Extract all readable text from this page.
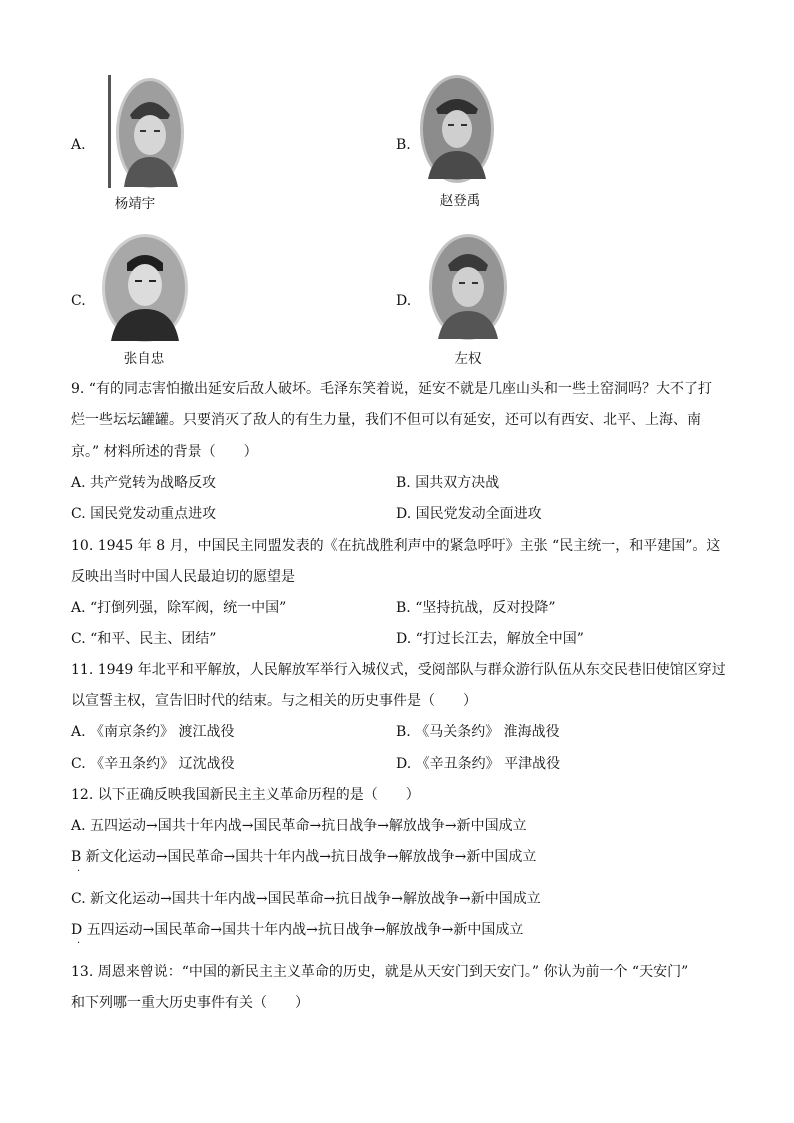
A.
杨靖宇
B.
赵登禹
C.
张自忠
D.
左权
9. “有的同志害怕撤出延安后敌人破坏。毛泽东笑着说，延安不就是几座山头和一些土窑洞吗？大不了打
烂一些坛坛罐罐。只要消灭了敌人的有生力量，我们不但可以有延安，还可以有西安、北平、上海、南
京。” 材料所述的背景（　　）
A. 共产党转为战略反攻	B. 国共双方决战
C. 国民党发动重点进攻	D. 国民党发动全面进攻
10. 1945 年 8 月，中国民主同盟发表的《在抗战胜利声中的紧急呼吁》主张 “民主统一，和平建国”。这
反映出当时中国人民最迫切的愿望是
A. “打倒列强，除军阀，统一中国”	B. “坚持抗战，反对投降”
C. “和平、民主、团结”	D. “打过长江去，解放全中国”
11. 1949 年北平和平解放，人民解放军举行入城仪式，受阅部队与群众游行队伍从东交民巷旧使馆区穿过
以宣誓主权，宣告旧时代的结束。与之相关的历史事件是（　　）
A. 《南京条约》 渡江战役	B. 《马关条约》 淮海战役
C. 《辛丑条约》 辽沈战役	D. 《辛丑条约》 平津战役
12. 以下正确反映我国新民主主义革命历程的是（　　）
A. 五四运动→国共十年内战→国民革命→抗日战争→解放战争→新中国成立
B 新文化运动→国民革命→国共十年内战→抗日战争→解放战争→新中国成立
·
C. 新文化运动→国共十年内战→国民革命→抗日战争→解放战争→新中国成立
D 五四运动→国民革命→国共十年内战→抗日战争→解放战争→新中国成立
·
13. 周恩来曾说：“中国的新民主主义革命的历史，就是从天安门到天安门。” 你认为前一个 “天安门”
和下列哪一重大历史事件有关（　　）
